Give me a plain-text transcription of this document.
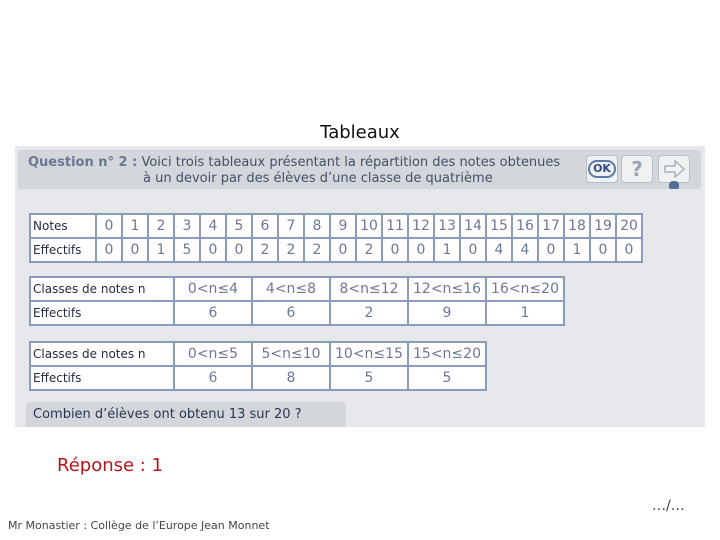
Tableaux
Question n° 2 : Voici trois tableaux présentant la répartition des notes obtenues
à un devoir par des élèves d’une classe de quatrième
OK ?
Notes	0	1	2	3	4	5	6	7	8	9	10	11	12	13	14	15	16	17	18	19	20
Effectifs	0	0	1	5	0	0	2	2	2	0	2	0	0	1	0	4	4	0	1	0	0
Classes de notes n	0<n≤4	4<n≤8	8<n≤12	12<n≤16	16<n≤20
Effectifs	6	6	2	9	1
Classes de notes n	0<n≤5	5<n≤10	10<n≤15	15<n≤20
Effectifs	6	8	5	5
Combien d’élèves ont obtenu 13 sur 20 ?
Réponse : 1
…/…
Mr Monastier : Collège de l’Europe Jean Monnet
